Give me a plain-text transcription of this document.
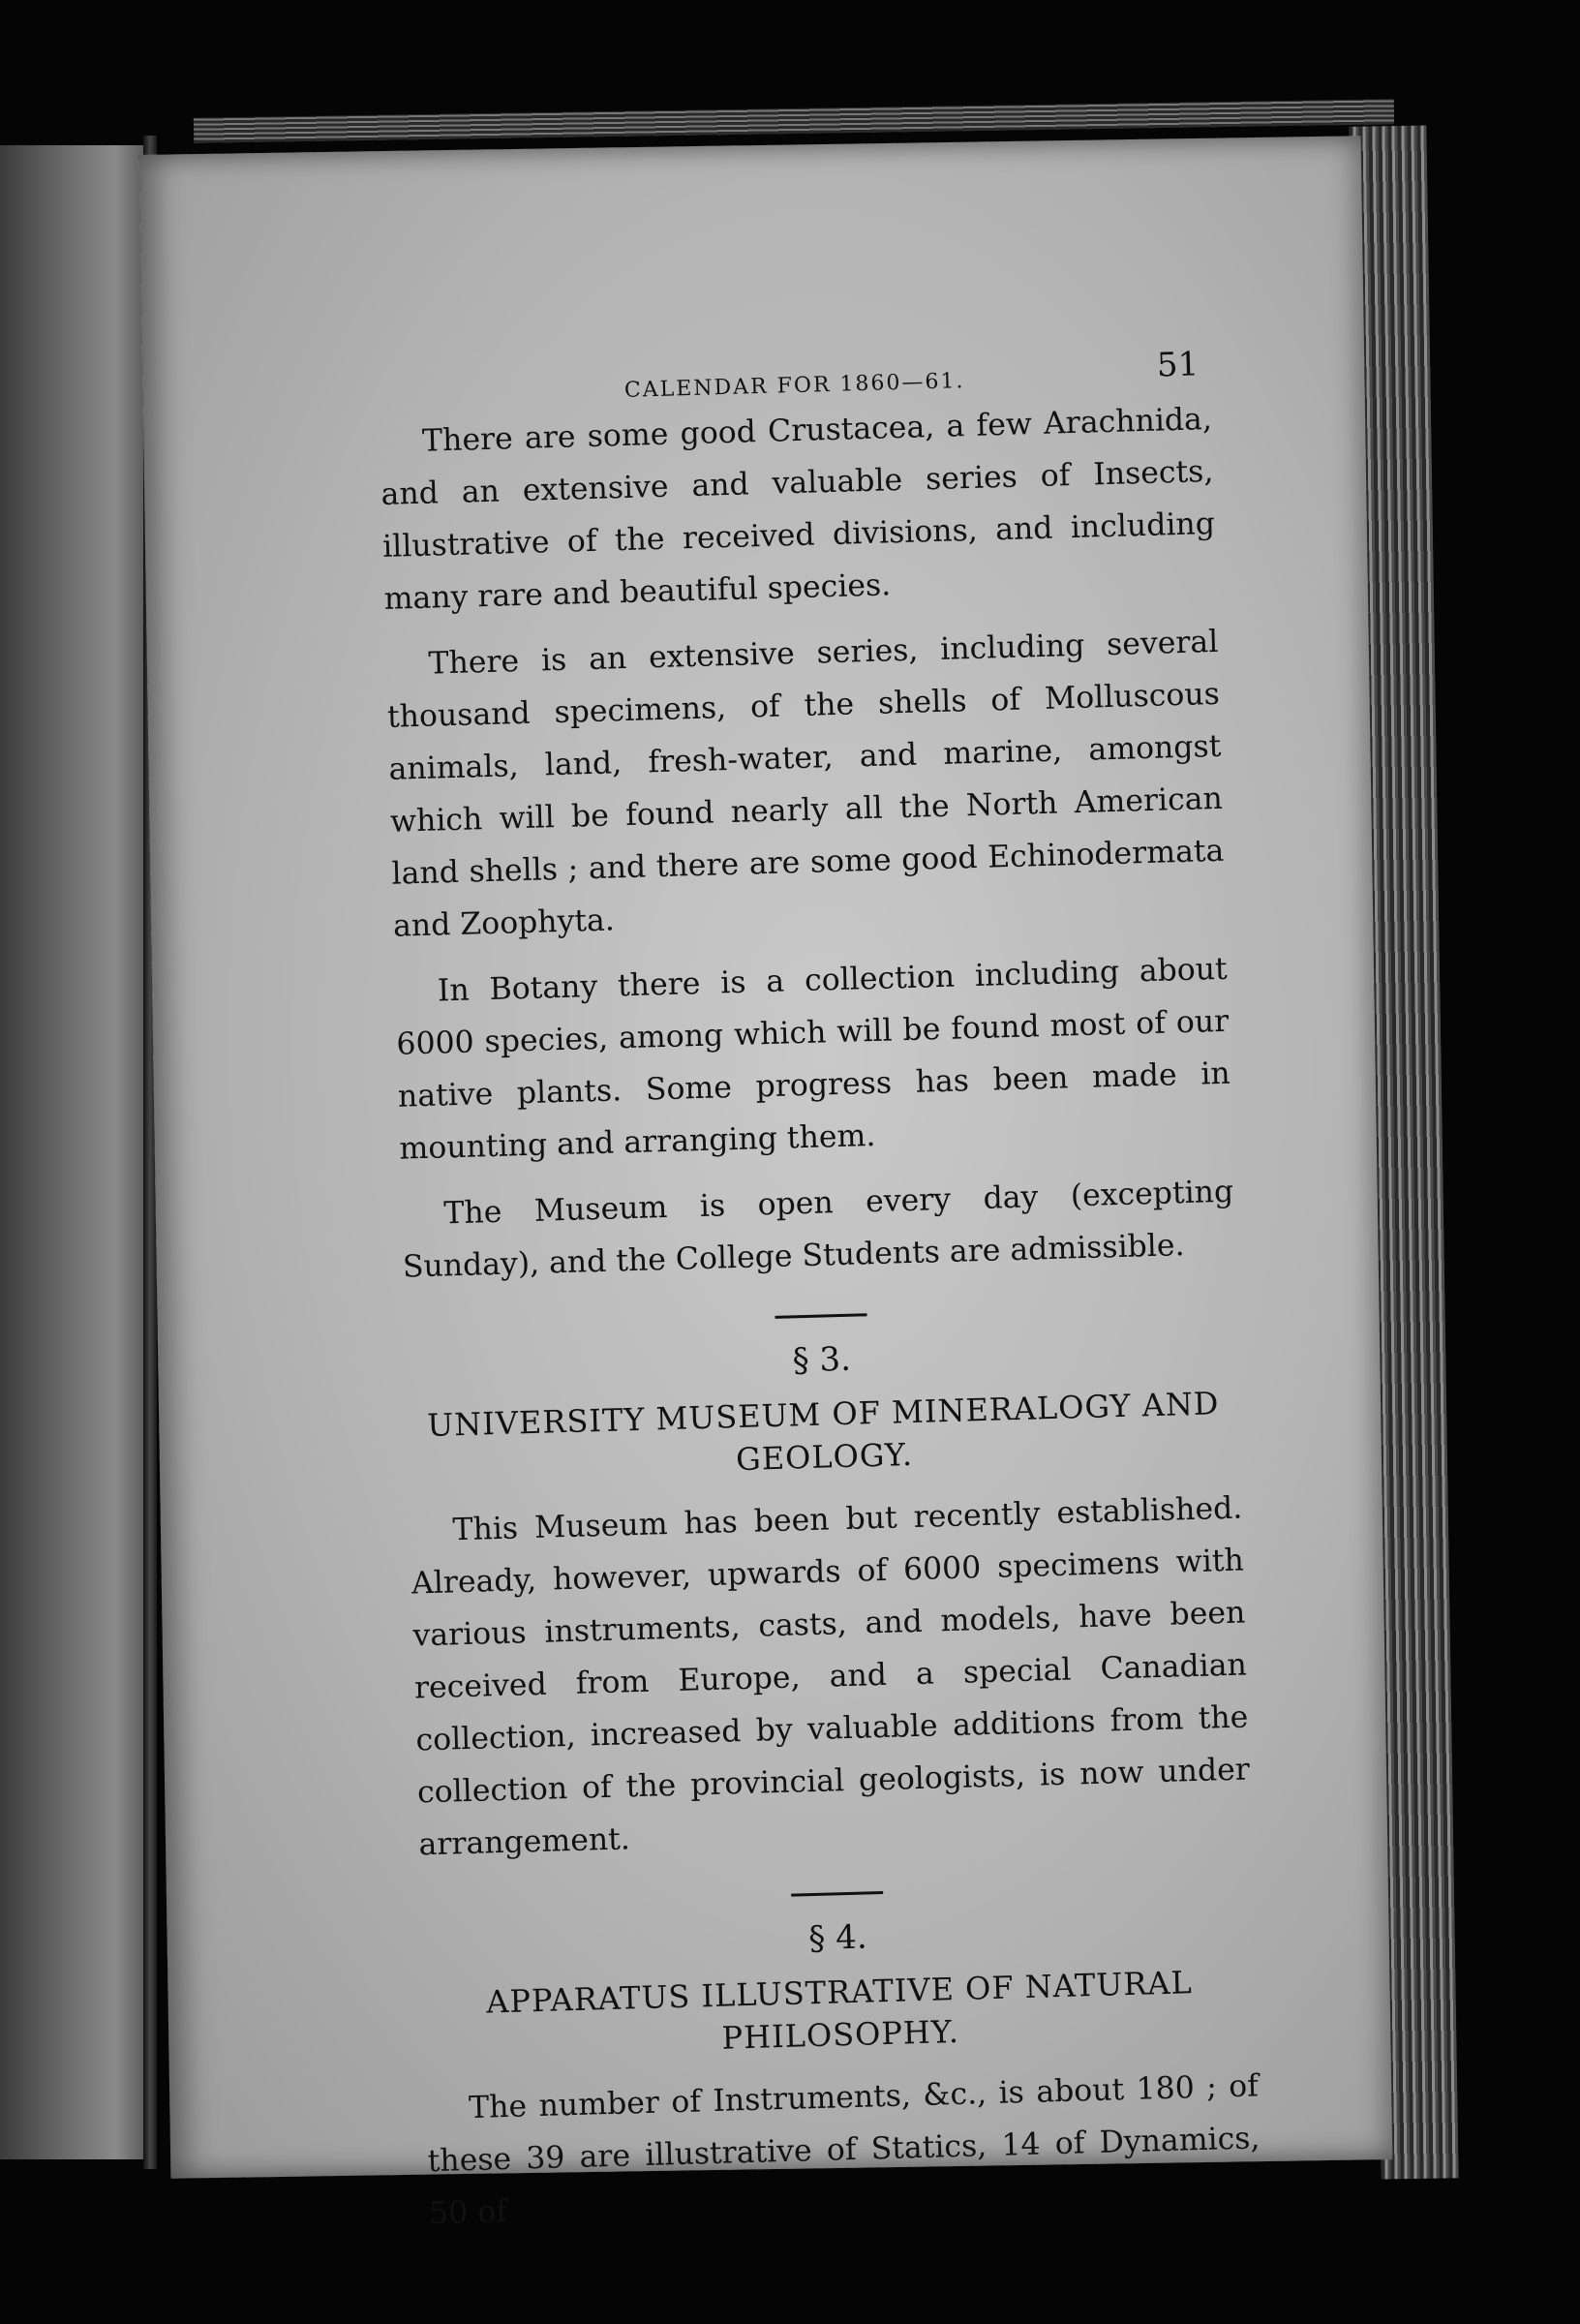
CALENDAR FOR 1860—61.
51

There are some good Crustacea, a few Arachnida, and an extensive and valuable series of Insects, illustrative of the received divisions, and including many rare and beautiful species.

There is an extensive series, including several thousand specimens, of the shells of Molluscous animals, land, fresh-water, and marine, amongst which will be found nearly all the North American land shells ; and there are some good Echinodermata and Zoophyta.

In Botany there is a collection including about 6000 species, among which will be found most of our native plants. Some progress has been made in mounting and arranging them.

The Museum is open every day (excepting Sunday), and the College Students are admissible.

§ 3.
UNIVERSITY MUSEUM OF MINERALOGY AND GEOLOGY.

This Museum has been but recently established. Already, however, upwards of 6000 specimens with various instruments, casts, and models, have been received from Europe, and a special Canadian collection, increased by valuable additions from the collection of the provincial geologists, is now under arrangement.

§ 4.
APPARATUS ILLUSTRATIVE OF NATURAL PHILOSOPHY.

The number of Instruments, &c., is about 180 ; of these 39 are illustrative of Statics, 14 of Dynamics, 50 of
